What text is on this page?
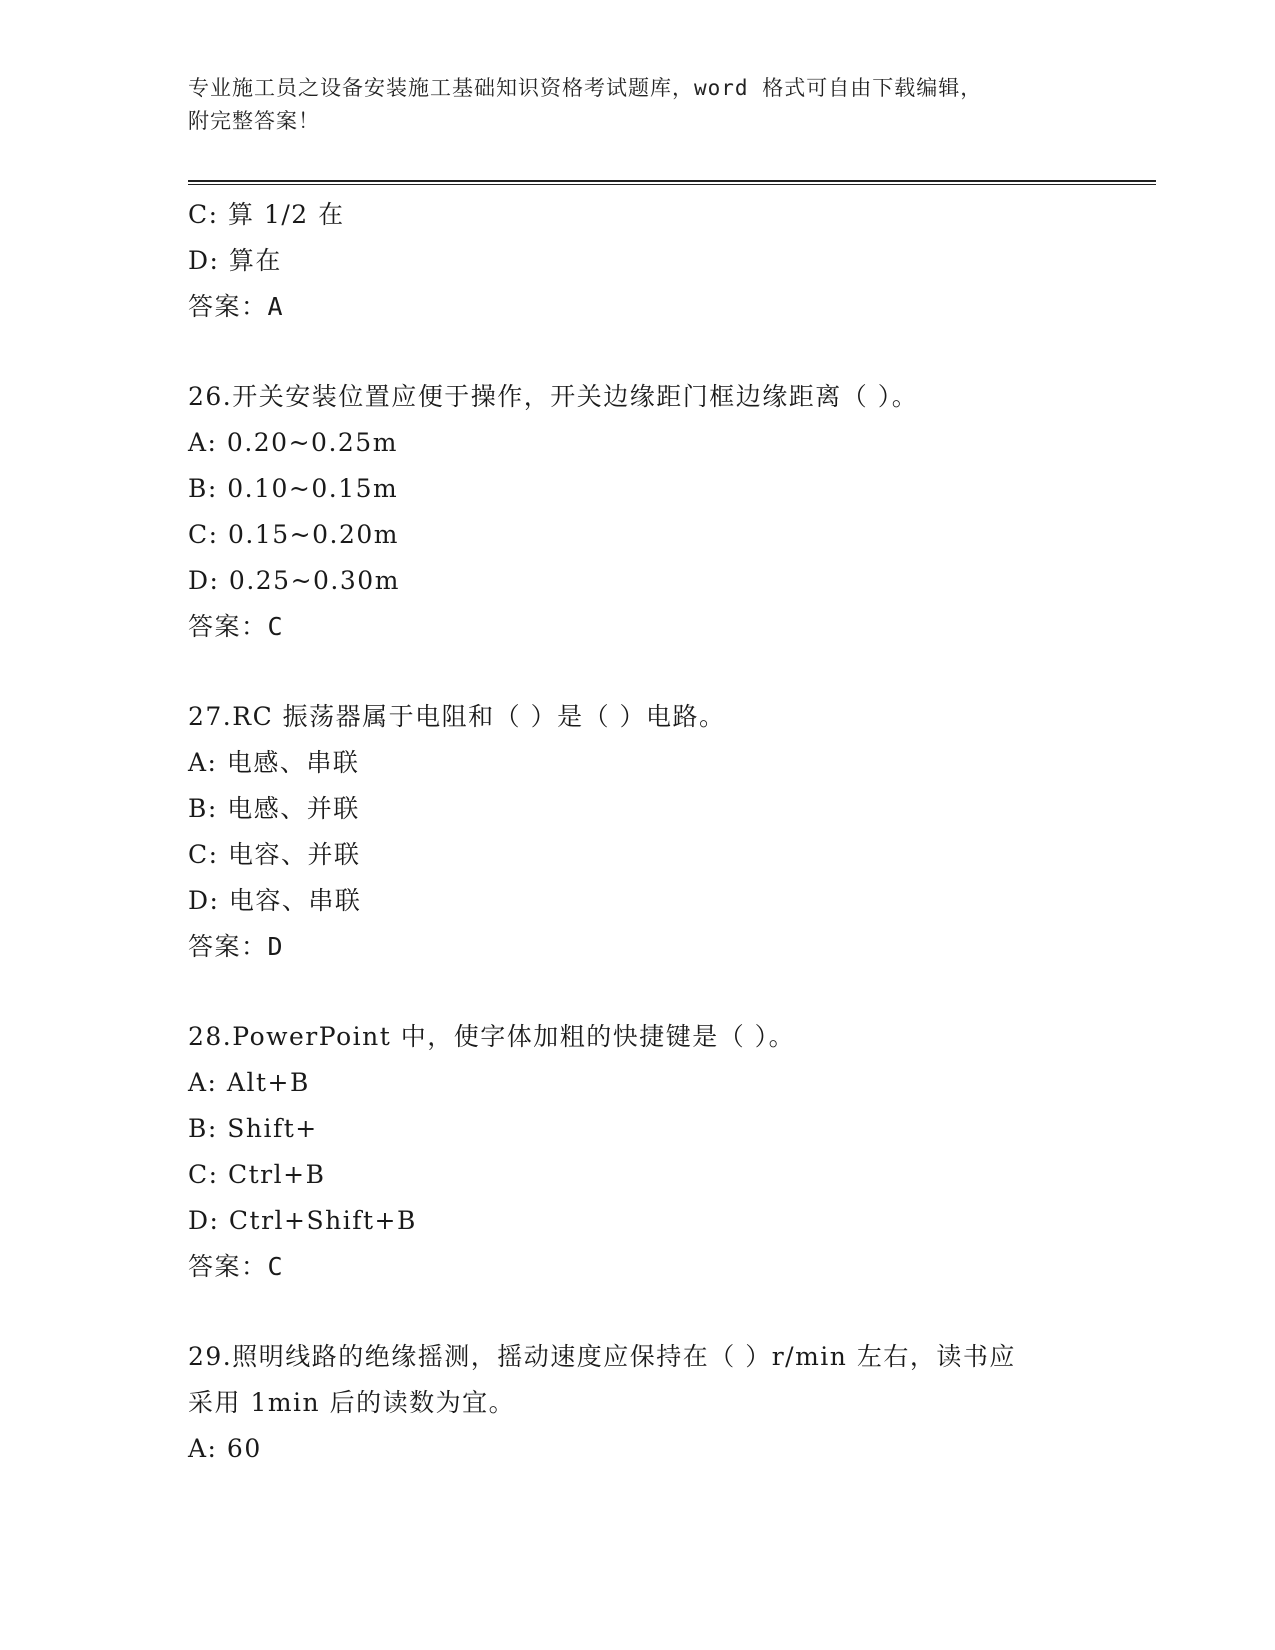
专业施工员之设备安装施工基础知识资格考试题库，word 格式可自由下载编辑，
附完整答案！
C: 算 1/2 在
D: 算在
答案：A
26.开关安装位置应便于操作，开关边缘距门框边缘距离（ ）。
A: 0.20~0.25m
B: 0.10~0.15m
C: 0.15~0.20m
D: 0.25~0.30m
答案：C
27.RC 振荡器属于电阻和（ ）是（ ）电路。
A: 电感、串联
B: 电感、并联
C: 电容、并联
D: 电容、串联
答案：D
28.PowerPoint 中，使字体加粗的快捷键是（ ）。
A: Alt+B
B: Shift+
C: Ctrl+B
D: Ctrl+Shift+B
答案：C
29.照明线路的绝缘摇测，摇动速度应保持在（ ）r/min 左右，读书应
采用 1min 后的读数为宜。
A: 60
